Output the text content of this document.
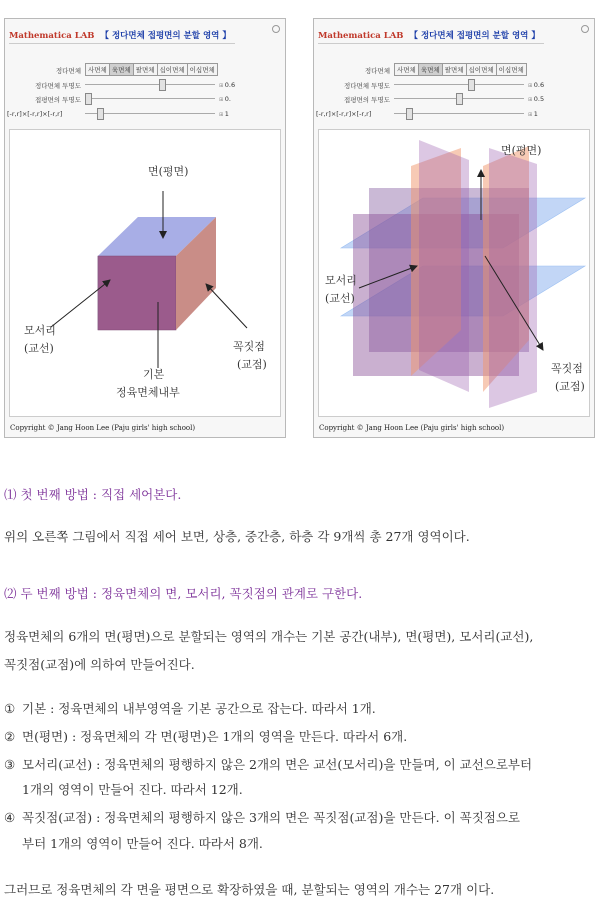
Mathematica LAB 【 정다면체 접평면의 분할 영역 】
정다면체	사면체 육면체 팔면체 십이면체 이십면체
정다면체 투명도	⊞ 0.6
접평면의 투명도	⊞ 0.
[-r,r]×[-r,r]×[-r,r]	⊞ 1
면(평면)
모서리
(교선)	꼭짓점
(교점)
기본
정육면체내부
Copyright © Jang Hoon Lee (Paju girls' high school)
Mathematica LAB 【 정다면체 접평면의 분할 영역 】
정다면체	사면체 육면체 팔면체 십이면체 이십면체
정다면체 투명도	⊞ 0.6
접평면의 투명도	⊞ 0.5
[-r,r]×[-r,r]×[-r,r]	⊞ 1
면(평면)
모서리
(교선)
꼭짓점
(교점)
Copyright © Jang Hoon Lee (Paju girls' high school)
⑴ 첫 번째 방법 : 직접 세어본다.
위의 오른쪽 그림에서 직접 세어 보면, 상층, 중간층, 하층 각 9개씩 총 27개 영역이다.
⑵ 두 번째 방법 : 정육면체의 면, 모서리, 꼭짓점의 관계로 구한다.
정육면체의 6개의 면(평면)으로 분할되는 영역의 개수는 기본 공간(내부), 면(평면), 모서리(교선),
꼭짓점(교점)에 의하여 만들어진다.
① 기본 : 정육면체의 내부영역을 기본 공간으로 잡는다. 따라서 1개.
② 면(평면) : 정육면체의 각 면(평면)은 1개의 영역을 만든다. 따라서 6개.
③ 모서리(교선) : 정육면체의 평행하지 않은 2개의 면은 교선(모서리)을 만들며, 이 교선으로부터
1개의 영역이 만들어 진다. 따라서 12개.
④ 꼭짓점(교점) : 정육면체의 평행하지 않은 3개의 면은 꼭짓점(교점)을 만든다. 이 꼭짓점으로
부터 1개의 영역이 만들어 진다. 따라서 8개.
그러므로 정육면체의 각 면을 평면으로 확장하였을 때, 분할되는 영역의 개수는 27개 이다.
